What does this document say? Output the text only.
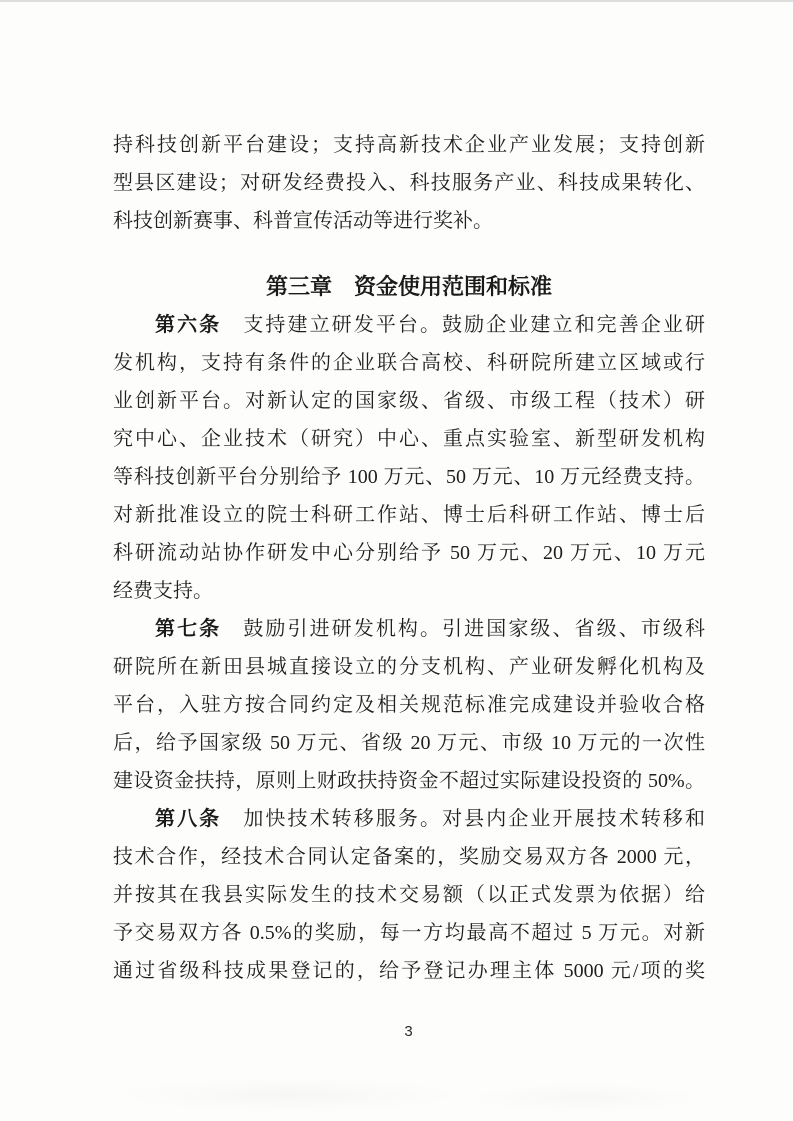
持科技创新平台建设；支持高新技术企业产业发展；支持创新
型县区建设；对研发经费投入、科技服务产业、科技成果转化、
科技创新赛事、科普宣传活动等进行奖补。
第三章　资金使用范围和标准
第六条　支持建立研发平台。鼓励企业建立和完善企业研
发机构，支持有条件的企业联合高校、科研院所建立区域或行
业创新平台。对新认定的国家级、省级、市级工程（技术）研
究中心、企业技术（研究）中心、重点实验室、新型研发机构
等科技创新平台分别给予 100 万元、50 万元、10 万元经费支持。
对新批准设立的院士科研工作站、博士后科研工作站、博士后
科研流动站协作研发中心分别给予 50 万元、20 万元、10 万元
经费支持。
第七条　鼓励引进研发机构。引进国家级、省级、市级科
研院所在新田县城直接设立的分支机构、产业研发孵化机构及
平台，入驻方按合同约定及相关规范标准完成建设并验收合格
后，给予国家级 50 万元、省级 20 万元、市级 10 万元的一次性
建设资金扶持，原则上财政扶持资金不超过实际建设投资的 50%。
第八条　加快技术转移服务。对县内企业开展技术转移和
技术合作，经技术合同认定备案的，奖励交易双方各 2000 元，
并按其在我县实际发生的技术交易额（以正式发票为依据）给
予交易双方各 0.5%的奖励，每一方均最高不超过 5 万元。对新
通过省级科技成果登记的，给予登记办理主体 5000 元/项的奖
3
